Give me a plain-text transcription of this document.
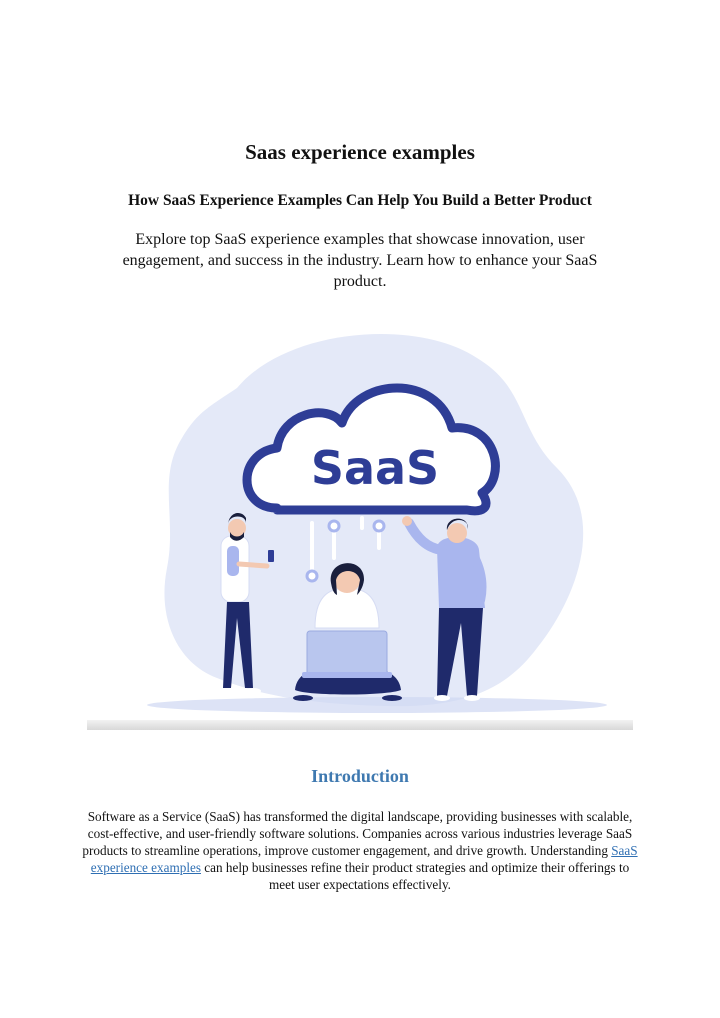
Saas experience examples
How SaaS Experience Examples Can Help You Build a Better Product

Explore top SaaS experience examples that showcase innovation, user engagement, and success in the industry. Learn how to enhance your SaaS product.

SaaS
Introduction

Software as a Service (SaaS) has transformed the digital landscape, providing businesses with scalable, cost-effective, and user-friendly software solutions. Companies across various industries leverage SaaS products to streamline operations, improve customer engagement, and drive growth. Understanding SaaS experience examples can help businesses refine their product strategies and optimize their offerings to meet user expectations effectively.
